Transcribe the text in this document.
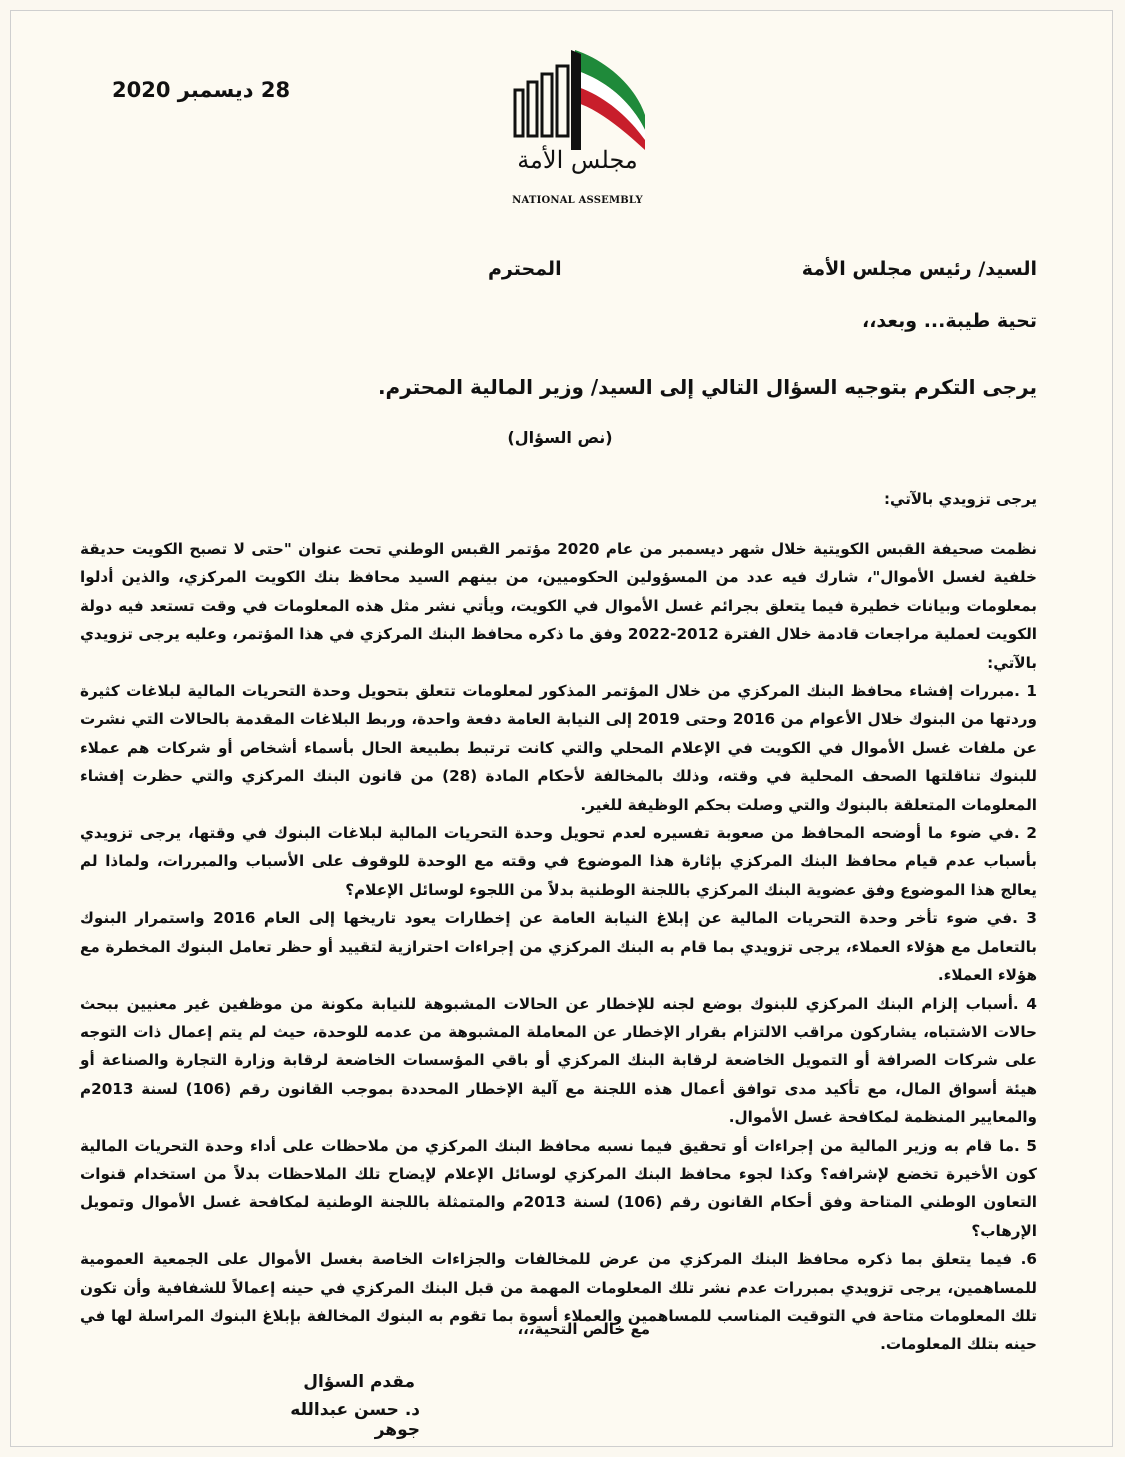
28 ديسمبر 2020
مجلس الأمة
NATIONAL ASSEMBLY
السيد/ رئيس مجلس الأمة
المحترم
تحية طيبة... وبعد،،
يرجى التكرم بتوجيه السؤال التالي إلى السيد/ وزير المالية المحترم.
(نص السؤال)
يرجى تزويدي بالآتي:

نظمت صحيفة القبس الكويتية خلال شهر ديسمبر من عام 2020 مؤتمر القبس الوطني تحت عنوان "حتى لا تصبح الكويت حديقة خلفية لغسل الأموال"، شارك فيه عدد من المسؤولين الحكوميين، من بينهم السيد محافظ بنك الكويت المركزي، والذين أدلوا بمعلومات وبيانات خطيرة فيما يتعلق بجرائم غسل الأموال في الكويت، ويأتي نشر مثل هذه المعلومات في وقت تستعد فيه دولة الكويت لعملية مراجعات قادمة خلال الفترة 2012-2022 وفق ما ذكره محافظ البنك المركزي في هذا المؤتمر، وعليه يرجى تزويدي بالآتي:

1 .مبررات إفشاء محافظ البنك المركزي من خلال المؤتمر المذكور لمعلومات تتعلق بتحويل وحدة التحريات المالية لبلاغات كثيرة وردتها من البنوك خلال الأعوام من 2016 وحتى 2019 إلى النيابة العامة دفعة واحدة، وربط البلاغات المقدمة بالحالات التي نشرت عن ملفات غسل الأموال في الكويت في الإعلام المحلي والتي كانت ترتبط بطبيعة الحال بأسماء أشخاص أو شركات هم عملاء للبنوك تناقلتها الصحف المحلية في وقته، وذلك بالمخالفة لأحكام المادة (28) من قانون البنك المركزي والتي حظرت إفشاء المعلومات المتعلقة بالبنوك والتي وصلت بحكم الوظيفة للغير.

2 .في ضوء ما أوضحه المحافظ من صعوبة تفسيره لعدم تحويل وحدة التحريات المالية لبلاغات البنوك في وقتها، يرجى تزويدي بأسباب عدم قيام محافظ البنك المركزي بإثارة هذا الموضوع في وقته مع الوحدة للوقوف على الأسباب والمبررات، ولماذا لم يعالج هذا الموضوع وفق عضوية البنك المركزي باللجنة الوطنية بدلاً من اللجوء لوسائل الإعلام؟

3 .في ضوء تأخر وحدة التحريات المالية عن إبلاغ النيابة العامة عن إخطارات يعود تاريخها إلى العام 2016 واستمرار البنوك بالتعامل مع هؤلاء العملاء، يرجى تزويدي بما قام به البنك المركزي من إجراءات احترازية لتقييد أو حظر تعامل البنوك المخطرة مع هؤلاء العملاء.

4 .أسباب إلزام البنك المركزي للبنوك بوضع لجنه للإخطار عن الحالات المشبوهة للنيابة مكونة من موظفين غير معنيين ببحث حالات الاشتباه، يشاركون مراقب الالتزام بقرار الإخطار عن المعاملة المشبوهة من عدمه للوحدة، حيث لم يتم إعمال ذات التوجه على شركات الصرافة أو التمويل الخاضعة لرقابة البنك المركزي أو باقي المؤسسات الخاضعة لرقابة وزارة التجارة والصناعة أو هيئة أسواق المال، مع تأكيد مدى توافق أعمال هذه اللجنة مع آلية الإخطار المحددة بموجب القانون رقم (106) لسنة 2013م والمعايير المنظمة لمكافحة غسل الأموال.

5 .ما قام به وزير المالية من إجراءات أو تحقيق فيما نسبه محافظ البنك المركزي من ملاحظات على أداء وحدة التحريات المالية كون الأخيرة تخضع لإشرافه؟ وكذا لجوء محافظ البنك المركزي لوسائل الإعلام لإيضاح تلك الملاحظات بدلاً من استخدام قنوات التعاون الوطني المتاحة وفق أحكام القانون رقم (106) لسنة 2013م والمتمثلة باللجنة الوطنية لمكافحة غسل الأموال وتمويل الإرهاب؟

6. فيما يتعلق بما ذكره محافظ البنك المركزي من عرض للمخالفات والجزاءات الخاصة بغسل الأموال على الجمعية العمومية للمساهمين، يرجى تزويدي بمبررات عدم نشر تلك المعلومات المهمة من قبل البنك المركزي في حينه إعمالاً للشفافية وأن تكون تلك المعلومات متاحة في التوقيت المناسب للمساهمين والعملاء أسوة بما تقوم به البنوك المخالفة بإبلاغ البنوك المراسلة لها في حينه بتلك المعلومات.

مع خالص التحية،،،
مقدم السؤال
د. حسن عبدالله جوهر
